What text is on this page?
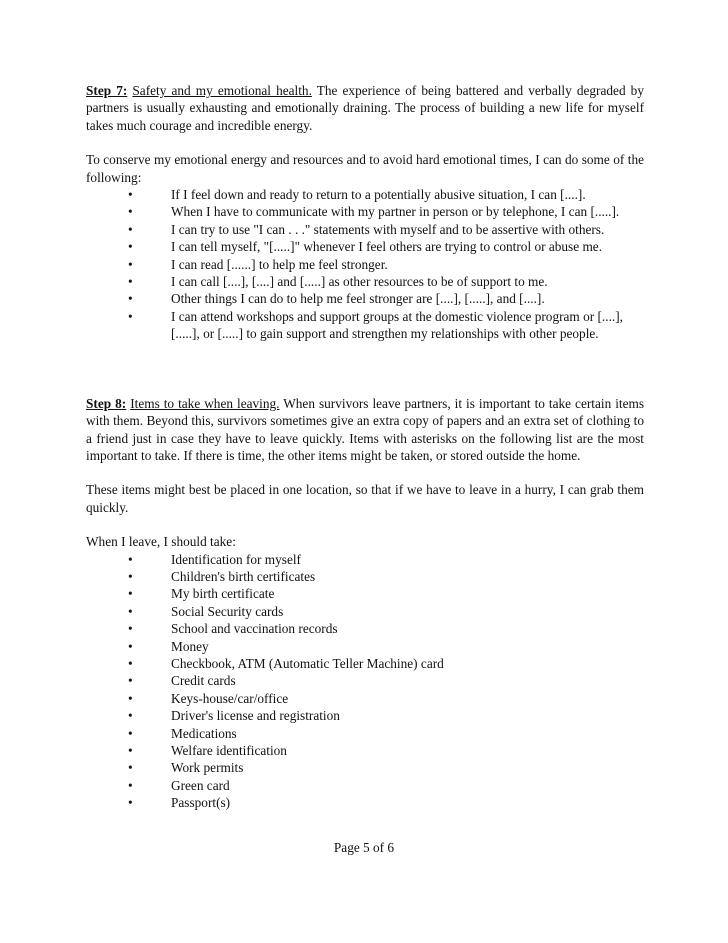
Step 7: Safety and my emotional health. The experience of being battered and verbally degraded by partners is usually exhausting and emotionally draining. The process of building a new life for myself takes much courage and incredible energy.

To conserve my emotional energy and resources and to avoid hard emotional times, I can do some of the following:

•	If I feel down and ready to return to a potentially abusive situation, I can [....].
•	When I have to communicate with my partner in person or by telephone, I can [.....].
•	I can try to use "I can . . ." statements with myself and to be assertive with others.
•	I can tell myself, "[.....]" whenever I feel others are trying to control or abuse me.
•	I can read [......] to help me feel stronger.
•	I can call [....], [....] and [.....] as other resources to be of support to me.
•	Other things I can do to help me feel stronger are [....], [.....], and [....].
•	I can attend workshops and support groups at the domestic violence program or [....], [.....], or [.....] to gain support and strengthen my relationships with other people.

Step 8: Items to take when leaving. When survivors leave partners, it is important to take certain items with them. Beyond this, survivors sometimes give an extra copy of papers and an extra set of clothing to a friend just in case they have to leave quickly. Items with asterisks on the following list are the most important to take. If there is time, the other items might be taken, or stored outside the home.

These items might best be placed in one location, so that if we have to leave in a hurry, I can grab them quickly.

When I leave, I should take:

•	Identification for myself
•	Children's birth certificates
•	My birth certificate
•	Social Security cards
•	School and vaccination records
•	Money
•	Checkbook, ATM (Automatic Teller Machine) card
•	Credit cards
•	Keys-house/car/office
•	Driver's license and registration
•	Medications
•	Welfare identification
•	Work permits
•	Green card
•	Passport(s)
Page 5 of 6
